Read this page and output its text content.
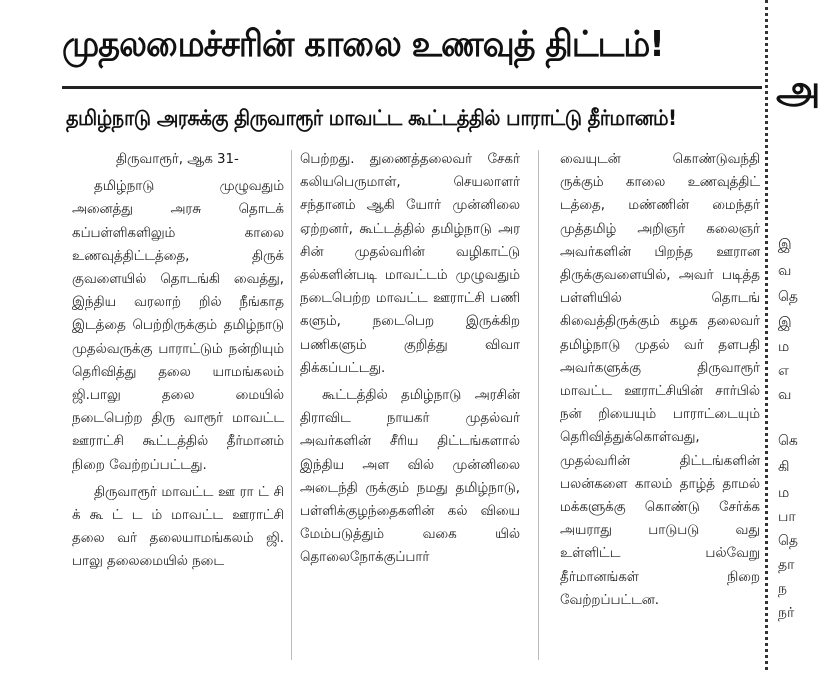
முதலமைச்சரின் காலை உணவுத் திட்டம்!
தமிழ்நாடு அரசுக்கு திருவாரூர் மாவட்ட கூட்டத்தில் பாராட்டு தீர்மானம்!

திருவாரூர், ஆக 31-

தமிழ்நாடு முழுவதும் அனைத்து அரசு தொடக் கப்பள்ளிகளிலும் காலை உணவுத்திட்டத்தை, திருக் குவளையில் தொடங்கி வைத்து, இந்திய வரலாற் றில் நீங்காத இடத்தை பெற்றிருக்கும் தமிழ்நாடு முதல்வருக்கு பாராட்டும் நன்றியும் தெரிவித்து தலை யாமங்கலம் ஜி.பாலு தலை மையில் நடைபெற்ற திரு வாரூர் மாவட்ட ஊராட்சி கூட்டத்தில் தீர்மானம் நிறை வேற்றப்பட்டது.

திருவாரூர் மாவட்ட ஊ ரா ட் சி க் கூ ட் ட ம் மாவட்ட ஊராட்சி தலை வர் தலையாமங்கலம் ஜி. பாலு தலைமையில் நடை

பெற்றது. துணைத்தலைவர் சேகர் கலியபெருமாள், செயலாளர் சந்தானம் ஆகி யோர் முன்னிலை ஏற்றனர், கூட்டத்தில் தமிழ்நாடு அர சின் முதல்வரின் வழிகாட்டு தல்களின்படி மாவட்டம் முழுவதும் நடைபெற்ற மாவட்ட ஊராட்சி பணி களும், நடைபெற இருக்கிற பணிகளும் குறித்து விவா திக்கப்பட்டது.

கூட்டத்தில் தமிழ்நாடு அரசின் திராவிட நாயகர் முதல்வர் அவர்களின் சீரிய திட்டங்களால் இந்திய அள வில் முன்னிலை அடைந்தி ருக்கும் நமது தமிழ்நாடு, பள்ளிக்குழந்தைகளின் கல் வியை மேம்படுத்தும் வகை யில் தொலைநோக்குப்பார்

வையுடன் கொண்டுவந்தி ருக்கும் காலை உணவுத்திட் டத்தை, மண்ணின் மைந்தர் முத்தமிழ் அறிஞர் கலைஞர் அவர்களின் பிறந்த ஊரான திருக்குவளையில், அவர் படித்த பள்ளியில் தொடங் கிவைத்திருக்கும் கழக தலைவர் தமிழ்நாடு முதல் வர் தளபதி அவர்களுக்கு திருவாரூர் மாவட்ட ஊராட்சியின் சார்பில் நன் றியையும் பாராட்டையும் தெரிவித்துக்கொள்வது, முதல்வரின் திட்டங்களின் பலன்களை காலம் தாழ்த் தாமல் மக்களுக்கு கொண்டு சேர்க்க அயராது பாடுபடு வது உள்ளிட்ட பல்வேறு தீர்மானங்கள் நிறை வேற்றப்பட்டன.

அ
இ
வ
தெ
இ
ம
எ
வ
கெ
கி
ம
பா
தெ
தா
ந
நர்
